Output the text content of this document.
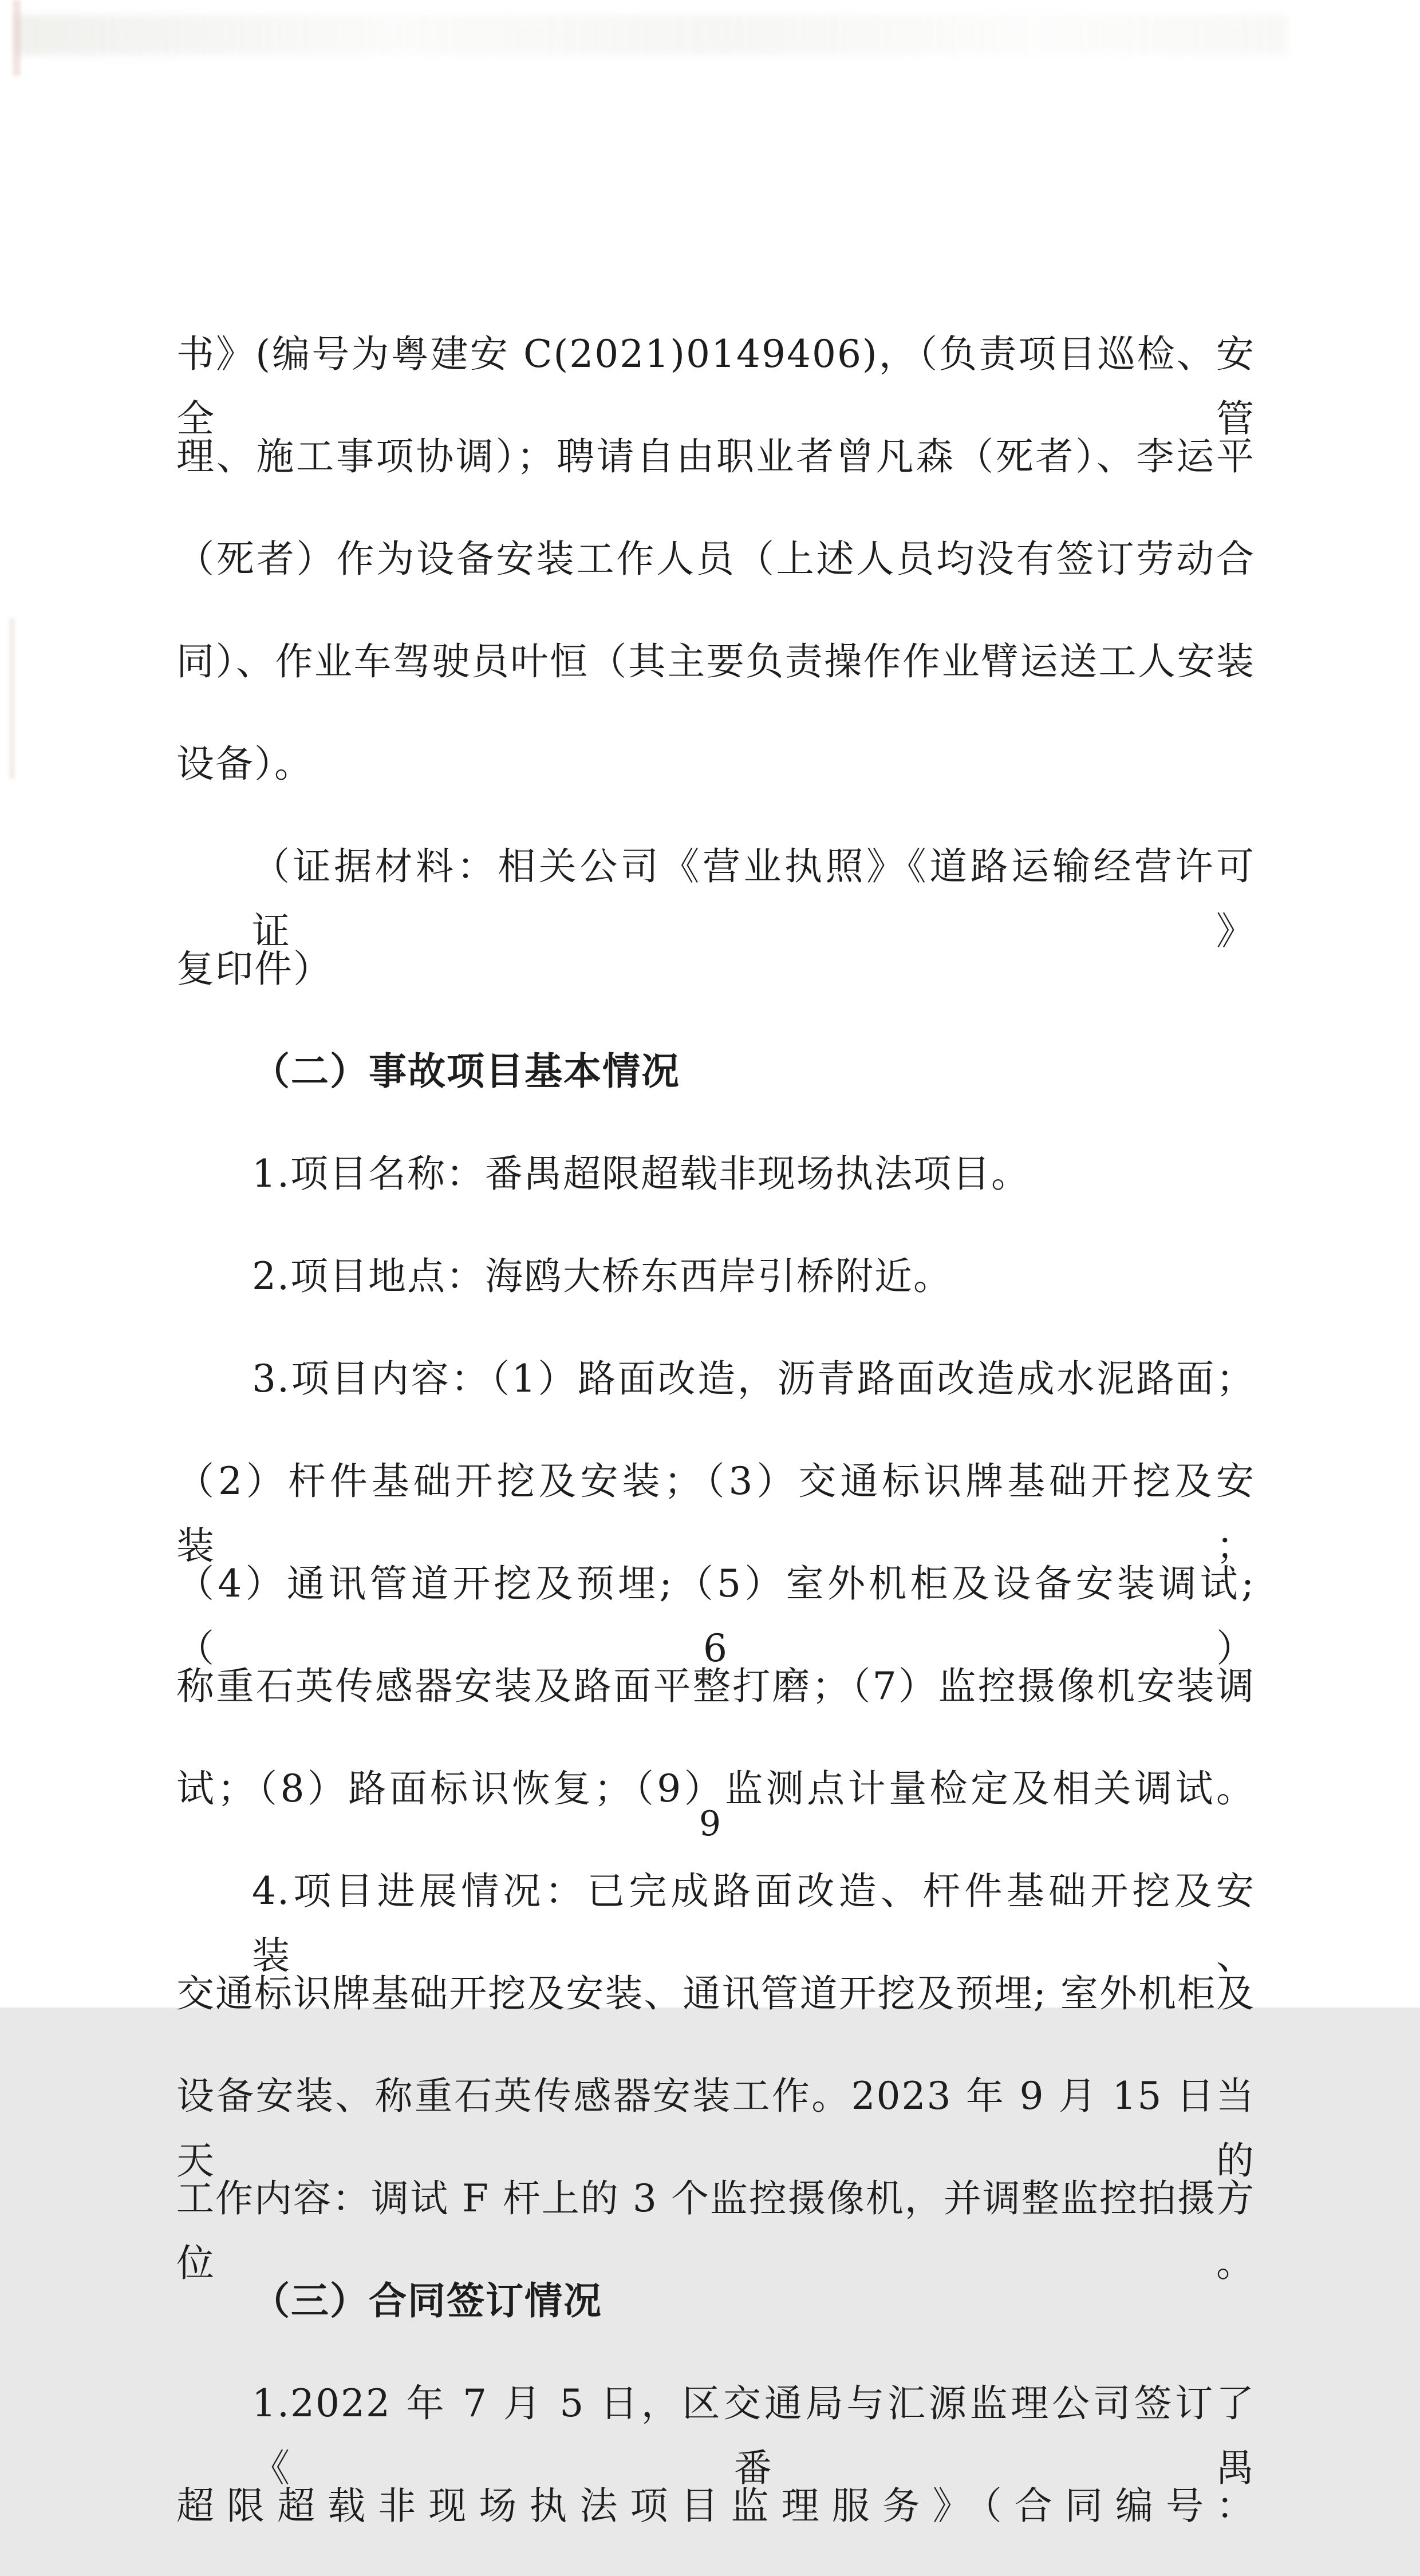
书》(编号为粤建安 C(2021)0149406)，（负责项目巡检、安全管

理、施工事项协调）；聘请自由职业者曾凡森（死者）、李运平

（死者）作为设备安装工作人员（上述人员均没有签订劳动合

同）、作业车驾驶员叶恒（其主要负责操作作业臂运送工人安装

设备）。

（证据材料：相关公司《营业执照》《道路运输经营许可证》

复印件）

（二）事故项目基本情况

1.项目名称：番禺超限超载非现场执法项目。

2.项目地点：海鸥大桥东西岸引桥附近。

3.项目内容：（1）路面改造，沥青路面改造成水泥路面；

（2）杆件基础开挖及安装；（3）交通标识牌基础开挖及安装；

（4）通讯管道开挖及预埋;（5）室外机柜及设备安装调试;（6）

称重石英传感器安装及路面平整打磨；（7）监控摄像机安装调

试；（8）路面标识恢复；（9）监测点计量检定及相关调试。

4.项目进展情况：已完成路面改造、杆件基础开挖及安装、

交通标识牌基础开挖及安装、通讯管道开挖及预埋; 室外机柜及

设备安装、称重石英传感器安装工作。2023 年 9 月 15 日当天的

工作内容：调试 F 杆上的 3 个监控摄像机，并调整监控拍摄方位。

（三）合同签订情况

1.2022 年 7 月 5 日，区交通局与汇源监理公司签订了《番禺

超限超载非现场执法项目监理服务》（合同编号：

9
